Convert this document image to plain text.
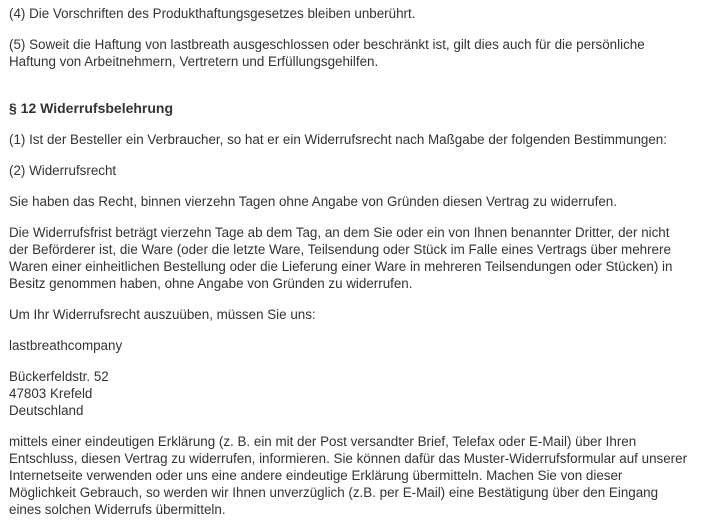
(4) Die Vorschriften des Produkthaftungsgesetzes bleiben unberührt.

(5) Soweit die Haftung von lastbreath ausgeschlossen oder beschränkt ist, gilt dies auch für die persönliche Haftung von Arbeitnehmern, Vertretern und Erfüllungsgehilfen.

§ 12 Widerrufsbelehrung

(1) Ist der Besteller ein Verbraucher, so hat er ein Widerrufsrecht nach Maßgabe der folgenden Bestimmungen:

(2) Widerrufsrecht

Sie haben das Recht, binnen vierzehn Tagen ohne Angabe von Gründen diesen Vertrag zu widerrufen.

Die Widerrufsfrist beträgt vierzehn Tage ab dem Tag, an dem Sie oder ein von Ihnen benannter Dritter, der nicht der Beförderer ist, die Ware (oder die letzte Ware, Teilsendung oder Stück im Falle eines Vertrags über mehrere Waren einer einheitlichen Bestellung oder die Lieferung einer Ware in mehreren Teilsendungen oder Stücken) in Besitz genommen haben, ohne Angabe von Gründen zu widerrufen.

Um Ihr Widerrufsrecht auszuüben, müssen Sie uns:

lastbreathcompany

Bückerfeldstr. 52
47803 Krefeld
Deutschland

mittels einer eindeutigen Erklärung (z. B. ein mit der Post versandter Brief, Telefax oder E-Mail) über Ihren Entschluss, diesen Vertrag zu widerrufen, informieren. Sie können dafür das Muster-Widerrufsformular auf unserer Internetseite verwenden oder uns eine andere eindeutige Erklärung übermitteln. Machen Sie von dieser Möglichkeit Gebrauch, so werden wir Ihnen unverzüglich (z.B. per E-Mail) eine Bestätigung über den Eingang eines solchen Widerrufs übermitteln.
